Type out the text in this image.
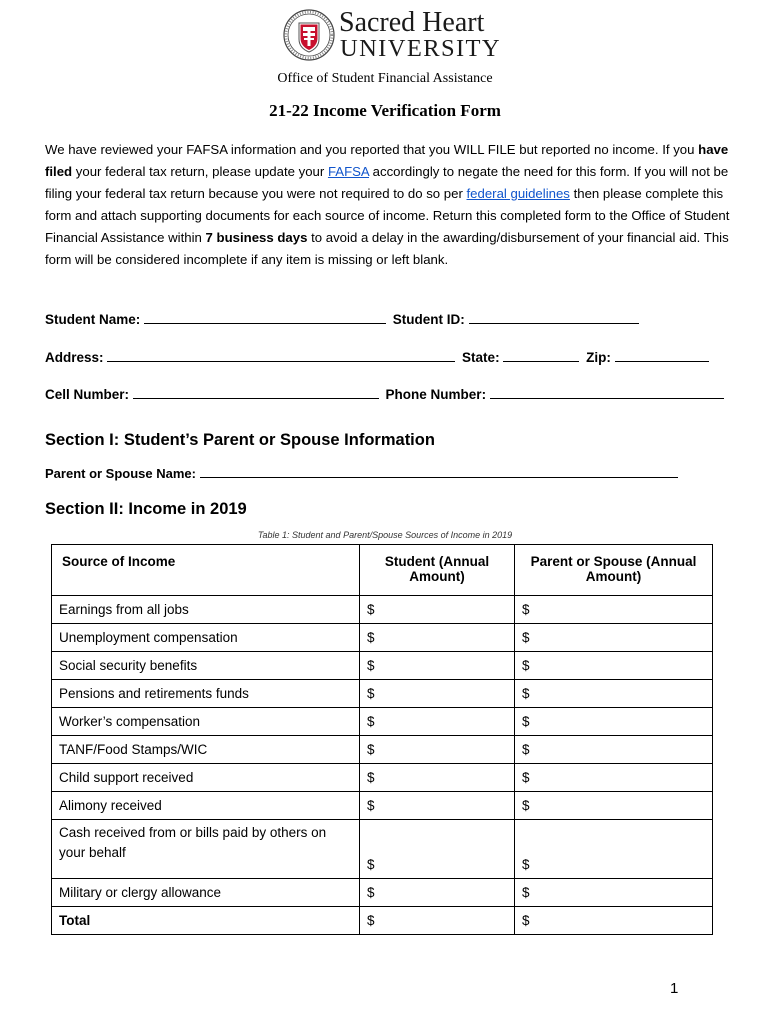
Sacred Heart
UNIVERSITY
Office of Student Financial Assistance
21-22 Income Verification Form

We have reviewed your FAFSA information and you reported that you WILL FILE but reported no income. If you have filed your federal tax return, please update your FAFSA accordingly to negate the need for this form. If you will not be filing your federal tax return because you were not required to do so per federal guidelines then please complete this form and attach supporting documents for each source of income. Return this completed form to the Office of Student Financial Assistance within 7 business days to avoid a delay in the awarding/disbursement of your financial aid. This form will be considered incomplete if any item is missing or left blank.

Student Name:	Student ID:
Address:	State:	Zip:
Cell Number:	Phone Number:
Section I: Student’s Parent or Spouse Information
Parent or Spouse Name:
Section II: Income in 2019
Table 1: Student and Parent/Spouse Sources of Income in 2019
Source of Income	Student (Annual Amount)	Parent or Spouse (Annual Amount)
Earnings from all jobs	$	$
Unemployment compensation	$	$
Social security benefits	$	$
Pensions and retirements funds	$	$
Worker’s compensation	$	$
TANF/Food Stamps/WIC	$	$
Child support received	$	$
Alimony received	$	$
Cash received from or bills paid by others on your behalf	$	$
Military or clergy allowance	$	$
Total	$	$
1
